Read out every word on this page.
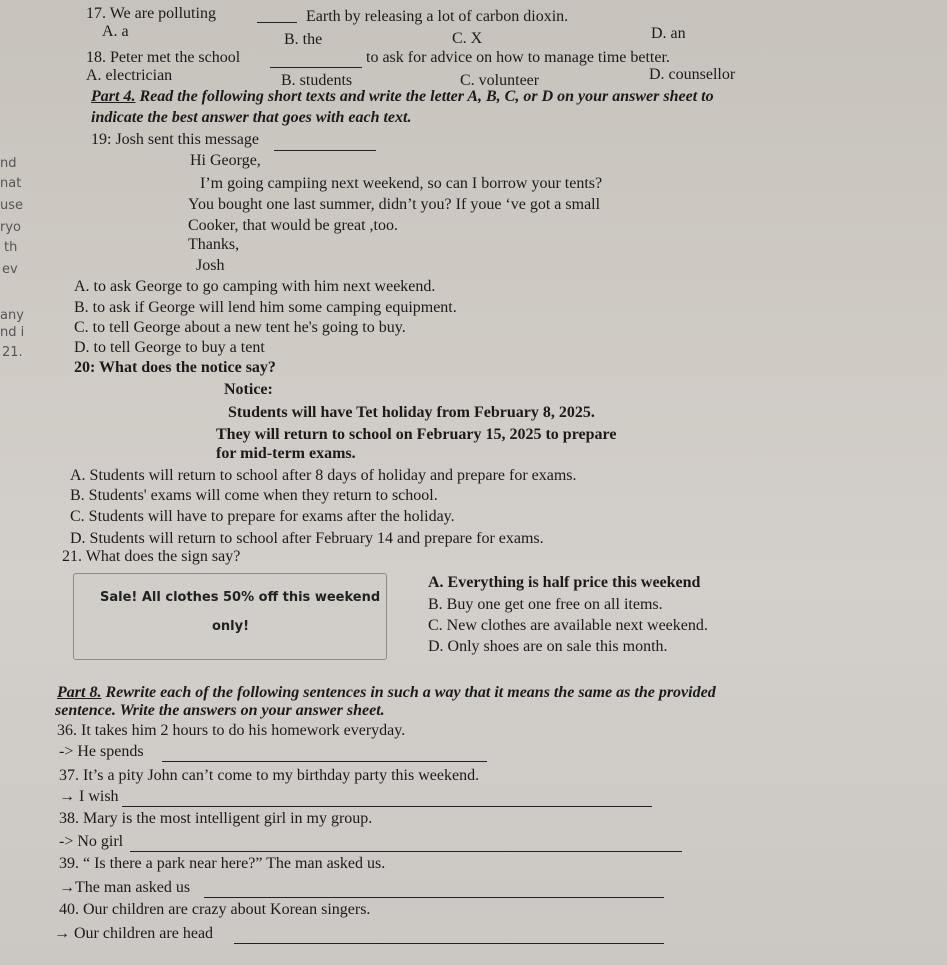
nd
nat
use
ryo
th
ev
any
nd i
21.
17. We are polluting	Earth by releasing a lot of carbon dioxin.
A. a	B. the	C. X	D. an
18. Peter met the school	to ask for advice on how to manage time better.
A. electrician	B. students	C. volunteer	D. counsellor
Part 4. Read the following short texts and write the letter A, B, C, or D on your answer sheet to
indicate the best answer that goes with each text.
19: Josh sent this message
Hi George,
I’m going campiing next weekend, so can I borrow your tents?
You bought one last summer, didn’t you? If youe ‘ve got a small
Cooker, that would be great ,too.
Thanks,
Josh
A. to ask George to go camping with him next weekend.
B. to ask if George will lend him some camping equipment.
C. to tell George about a new tent he's going to buy.
D. to tell George to buy a tent
20: What does the notice say?
Notice:
Students will have Tet holiday from February 8, 2025.
They will return to school on February 15, 2025 to prepare
for mid-term exams.
A. Students will return to school after 8 days of holiday and prepare for exams.
B. Students' exams will come when they return to school.
C. Students will have to prepare for exams after the holiday.
D. Students will return to school after February 14 and prepare for exams.
21. What does the sign say?
Sale! All clothes 50% off this weekend
only!
A. Everything is half price this weekend
B. Buy one get one free on all items.
C. New clothes are available next weekend.
D. Only shoes are on sale this month.
Part 8. Rewrite each of the following sentences in such a way that it means the same as the provided
sentence. Write the answers on your answer sheet.
36. It takes him 2 hours to do his homework everyday.
-> He spends
37. It’s a pity John can’t come to my birthday party this weekend.
→ I wish
38. Mary is the most intelligent girl in my group.
-> No girl
39. “ Is there a park near here?” The man asked us.
→The man asked us
40. Our children are crazy about Korean singers.
→ Our children are head
